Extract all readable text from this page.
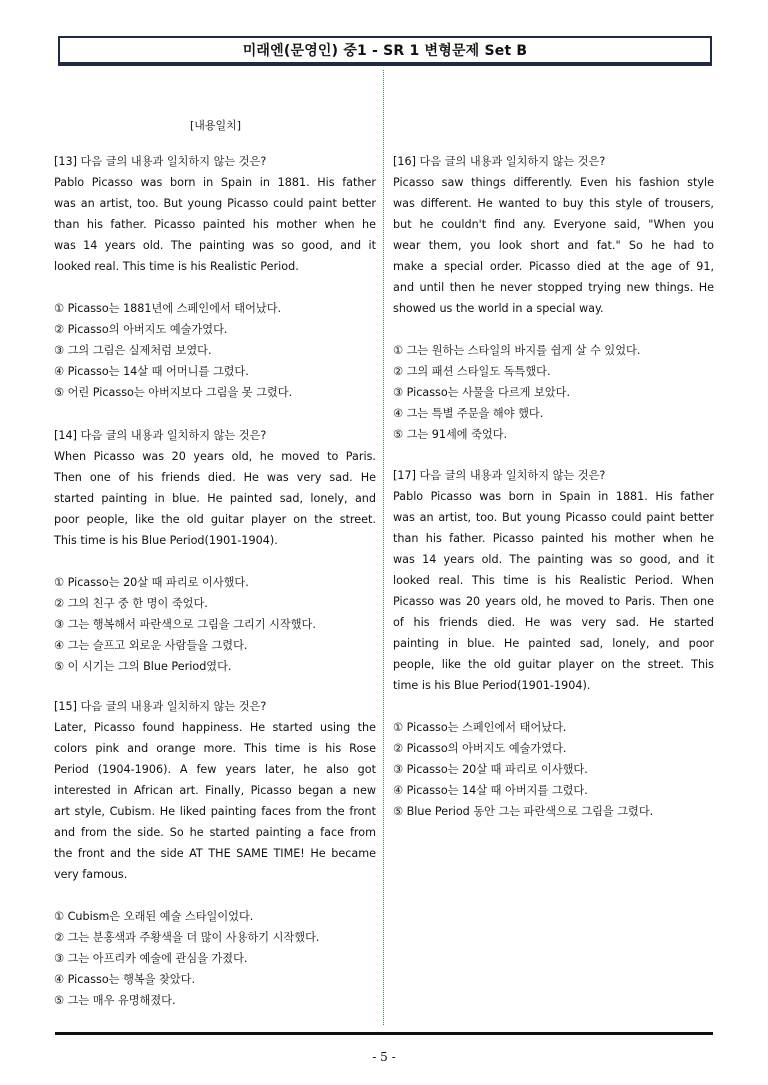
미래엔(문영인) 중1 - SR 1 변형문제 Set B
[내용일치]
[13] 다음 글의 내용과 일치하지 않는 것은?
Pablo Picasso was born in Spain in 1881. His father
was an artist, too. But young Picasso could paint better
than his father. Picasso painted his mother when he
was 14 years old. The painting was so good, and it
looked real. This time is his Realistic Period.
① Picasso는 1881년에 스페인에서 태어났다.
② Picasso의 아버지도 예술가였다.
③ 그의 그림은 실제처럼 보였다.
④ Picasso는 14살 때 어머니를 그렸다.
⑤ 어린 Picasso는 아버지보다 그림을 못 그렸다.
[14] 다음 글의 내용과 일치하지 않는 것은?
When Picasso was 20 years old, he moved to Paris.
Then one of his friends died. He was very sad. He
started painting in blue. He painted sad, lonely, and
poor people, like the old guitar player on the street.
This time is his Blue Period(1901-1904).
① Picasso는 20살 때 파리로 이사했다.
② 그의 친구 중 한 명이 죽었다.
③ 그는 행복해서 파란색으로 그림을 그리기 시작했다.
④ 그는 슬프고 외로운 사람들을 그렸다.
⑤ 이 시기는 그의 Blue Period였다.
[15] 다음 글의 내용과 일치하지 않는 것은?
Later, Picasso found happiness. He started using the
colors pink and orange more. This time is his Rose
Period (1904-1906). A few years later, he also got
interested in African art. Finally, Picasso began a new
art style, Cubism. He liked painting faces from the front
and from the side. So he started painting a face from
the front and the side AT THE SAME TIME! He became
very famous.
① Cubism은 오래된 예술 스타일이었다.
② 그는 분홍색과 주황색을 더 많이 사용하기 시작했다.
③ 그는 아프리카 예술에 관심을 가졌다.
④ Picasso는 행복을 찾았다.
⑤ 그는 매우 유명해졌다.
[16] 다음 글의 내용과 일치하지 않는 것은?
Picasso saw things differently. Even his fashion style
was different. He wanted to buy this style of trousers,
but he couldn't find any. Everyone said, "When you
wear them, you look short and fat." So he had to
make a special order. Picasso died at the age of 91,
and until then he never stopped trying new things. He
showed us the world in a special way.
① 그는 원하는 스타일의 바지를 쉽게 살 수 있었다.
② 그의 패션 스타일도 독특했다.
③ Picasso는 사물을 다르게 보았다.
④ 그는 특별 주문을 해야 했다.
⑤ 그는 91세에 죽었다.
[17] 다음 글의 내용과 일치하지 않는 것은?
Pablo Picasso was born in Spain in 1881. His father
was an artist, too. But young Picasso could paint better
than his father. Picasso painted his mother when he
was 14 years old. The painting was so good, and it
looked real. This time is his Realistic Period. When
Picasso was 20 years old, he moved to Paris. Then one
of his friends died. He was very sad. He started
painting in blue. He painted sad, lonely, and poor
people, like the old guitar player on the street. This
time is his Blue Period(1901-1904).
① Picasso는 스페인에서 태어났다.
② Picasso의 아버지도 예술가였다.
③ Picasso는 20살 때 파리로 이사했다.
④ Picasso는 14살 때 아버지를 그렸다.
⑤ Blue Period 동안 그는 파란색으로 그림을 그렸다.
- 5 -
